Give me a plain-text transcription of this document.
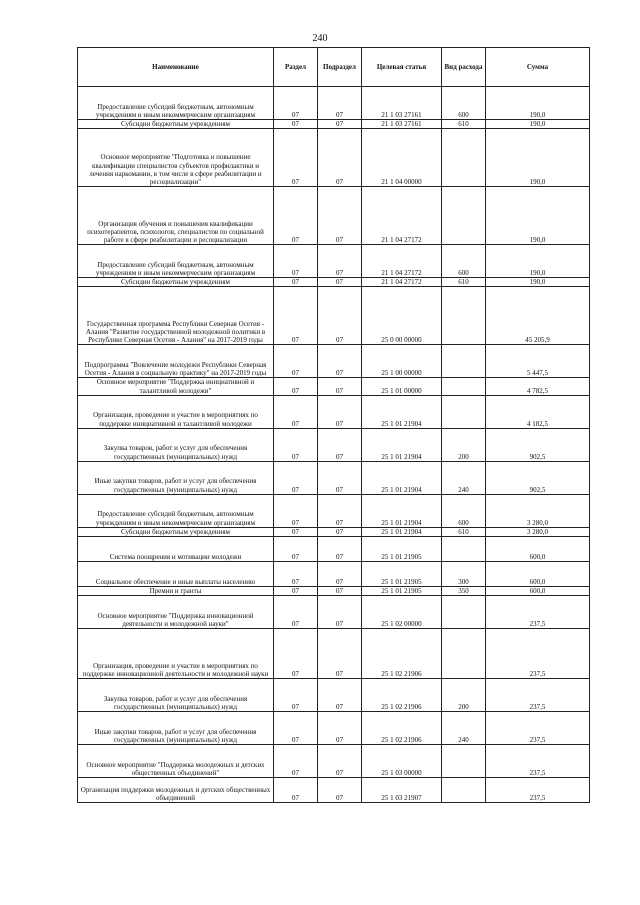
240
Наименование	Раздел	Подраздел	Целевая статья	Вид расхода	Сумма
Предоставление субсидий бюджетным, автономным учреждениям и иным некоммерческим организациям	07	07	21 1 03 27161	600	190,0
Субсидии бюджетным учреждениям	07	07	21 1 03 27161	610	190,0
Основное мероприятие "Подготовка и повышение квалификации специалистов субъектов профилактики и лечения наркомании, в том числе в сфере реабилитации и ресоциализации"	07	07	21 1 04 00000		190,0
Организация обучения и повышения квалификации психотерапевтов, психологов, специалистов по социальной работе в сфере реабилитации и ресоциализации	07	07	21 1 04 27172		190,0
Предоставление субсидий бюджетным, автономным учреждениям и иным некоммерческим организациям	07	07	21 1 04 27172	600	190,0
Субсидии бюджетным учреждениям	07	07	21 1 04 27172	610	190,0
Государственная программа Республики Северная Осетия - Алания "Развитие государственной молодежной политики в Республике Северная Осетия - Алания" на 2017-2019 годы	07	07	25 0 00 00000		45 205,9
Подпрограмма "Вовлечение молодежи Республики Северная Осетия - Алания в социальную практику" на 2017-2019 годы	07	07	25 1 00 00000		5 447,5
Основное мероприятие "Поддержка инициативной и талантливой молодежи"	07	07	25 1 01 00000		4 782,5
Организация, проведение и участие в мероприятиях по поддержке инициативной и талантливой молодежи	07	07	25 1 01 21904		4 182,5
Закупка товаров, работ и услуг для обеспечения государственных (муниципальных) нужд	07	07	25 1 01 21904	200	902,5
Иные закупки товаров, работ и услуг для обеспечения государственных (муниципальных) нужд	07	07	25 1 01 21904	240	902,5
Предоставление субсидий бюджетным, автономным учреждениям и иным некоммерческим организациям	07	07	25 1 01 21904	600	3 280,0
Субсидии бюджетным учреждениям	07	07	25 1 01 21904	610	3 280,0
Система поощрения и мотивации молодежи	07	07	25 1 01 21905		600,0
Социальное обеспечение и иные выплаты населению	07	07	25 1 01 21905	300	600,0
Премии и гранты	07	07	25 1 01 21905	350	600,0
Основное мероприятие "Поддержка инновационной деятельности и молодежной науки"	07	07	25 1 02 00000		237,5
Организация, проведение и участие в мероприятиях по поддержке инновационной деятельности и молодежной науки	07	07	25 1 02 21906		237,5
Закупка товаров, работ и услуг для обеспечения государственных (муниципальных) нужд	07	07	25 1 02 21906	200	237,5
Иные закупки товаров, работ и услуг для обеспечения государственных (муниципальных) нужд	07	07	25 1 02 21906	240	237,5
Основное мероприятие "Поддержка молодежных и детских общественных объединений"	07	07	25 1 03 00000		237,5
Организация поддержки молодежных и детских общественных объединений	07	07	25 1 03 21907		237,5
